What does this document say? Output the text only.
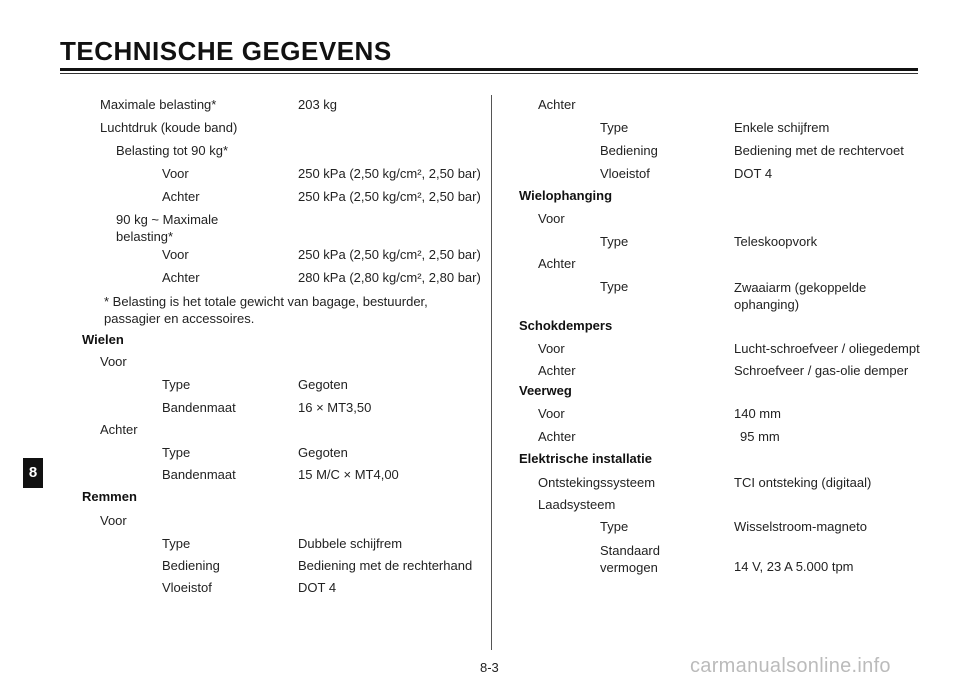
TECHNISCHE GEGEVENS
Maximale belasting*	203 kg
Luchtdruk (koude band)
Belasting tot 90 kg*
Voor	250 kPa (2,50 kg/cm², 2,50 bar)
Achter	250 kPa (2,50 kg/cm², 2,50 bar)
90 kg ~ Maximale belasting*
Voor	250 kPa (2,50 kg/cm², 2,50 bar)
Achter	280 kPa (2,80 kg/cm², 2,80 bar)
* Belasting is het totale gewicht van bagage, bestuurder, passagier en accessoires.
Wielen
Voor
Type	Gegoten
Bandenmaat	16 × MT3,50
Achter
Type	Gegoten
Bandenmaat	15 M/C × MT4,00
Remmen
Voor
Type	Dubbele schijfrem
Bediening	Bediening met de rechterhand
Vloeistof	DOT 4
Achter
Type	Enkele schijfrem
Bediening	Bediening met de rechtervoet
Vloeistof	DOT 4
Wielophanging
Voor
Type	Teleskoopvork
Achter
Type	Zwaaiarm (gekoppelde ophanging)
Schokdempers
Voor	Lucht-schroefveer / oliegedempt
Achter	Schroefveer / gas-olie demper
Veerweg
Voor	140 mm
Achter	95 mm
Elektrische installatie
Ontstekingssysteem	TCI ontsteking (digitaal)
Laadsysteem
Type	Wisselstroom-magneto
Standaard vermogen	14 V, 23 A 5.000 tpm
8
8-3	carmanualsonline.info
